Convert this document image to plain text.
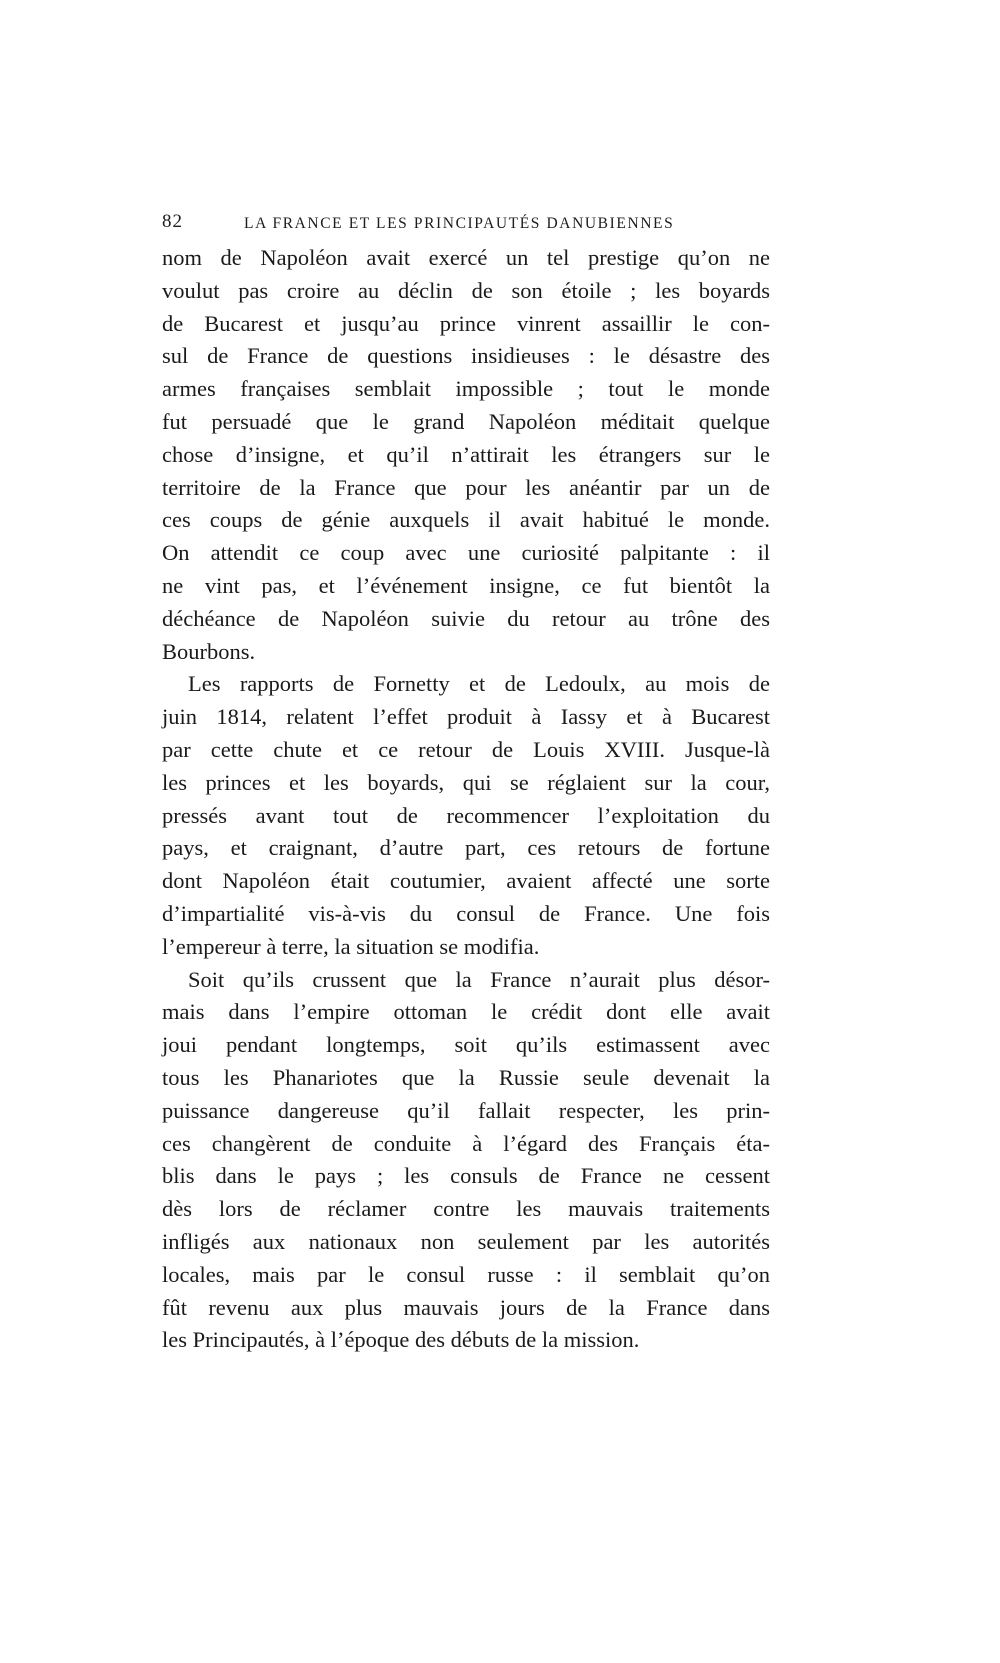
82	LA FRANCE ET LES PRINCIPAUTÉS DANUBIENNES

nom de Napoléon avait exercé un tel prestige qu’on ne
voulut pas croire au déclin de son étoile ; les boyards
de Bucarest et jusqu’au prince vinrent assaillir le con-
sul de France de questions insidieuses : le désastre des
armes françaises semblait impossible ; tout le monde
fut persuadé que le grand Napoléon méditait quelque
chose d’insigne, et qu’il n’attirait les étrangers sur le
territoire de la France que pour les anéantir par un de
ces coups de génie auxquels il avait habitué le monde.
On attendit ce coup avec une curiosité palpitante : il
ne vint pas, et l’événement insigne, ce fut bientôt la
déchéance de Napoléon suivie du retour au trône des
Bourbons.

Les rapports de Fornetty et de Ledoulx, au mois de
juin 1814, relatent l’effet produit à Iassy et à Bucarest
par cette chute et ce retour de Louis XVIII. Jusque-là
les princes et les boyards, qui se réglaient sur la cour,
pressés avant tout de recommencer l’exploitation du
pays, et craignant, d’autre part, ces retours de fortune
dont Napoléon était coutumier, avaient affecté une sorte
d’impartialité vis-à-vis du consul de France. Une fois
l’empereur à terre, la situation se modifia.

Soit qu’ils crussent que la France n’aurait plus désor-
mais dans l’empire ottoman le crédit dont elle avait
joui pendant longtemps, soit qu’ils estimassent avec
tous les Phanariotes que la Russie seule devenait la
puissance dangereuse qu’il fallait respecter, les prin-
ces changèrent de conduite à l’égard des Français éta-
blis dans le pays ; les consuls de France ne cessent
dès lors de réclamer contre les mauvais traitements
infligés aux nationaux non seulement par les autorités
locales, mais par le consul russe : il semblait qu’on
fût revenu aux plus mauvais jours de la France dans
les Principautés, à l’époque des débuts de la mission.
